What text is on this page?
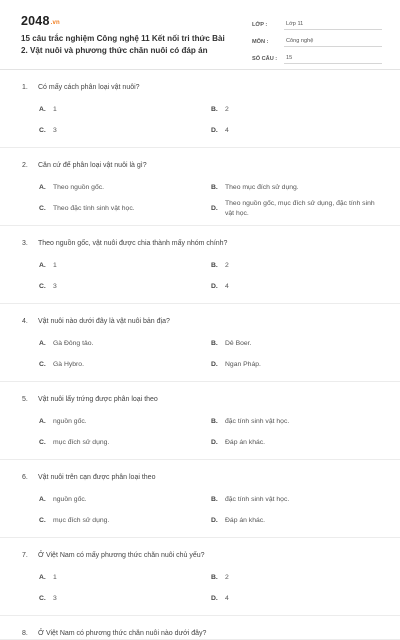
2048.vn
15 câu trắc nghiệm Công nghệ 11 Kết nối tri thức Bài 2. Vật nuôi và phương thức chăn nuôi có đáp án
LỚP :	Lớp 11
MÔN :	Công nghệ
SỐ CÂU :	15
1.	Có mấy cách phân loại vật nuôi?
A.	1	B.	2
C.	3	D.	4
2.	Căn cứ để phân loại vật nuôi là gì?
A.	Theo nguồn gốc.	B.	Theo mục đích sử dụng.
C.	Theo đặc tính sinh vật học.	D.
Theo nguồn gốc, mục đích sử dụng, đặc tính sinh vật học.
3.	Theo nguồn gốc, vật nuôi được chia thành mấy nhóm chính?
A.	1	B.	2
C.	3	D.	4
4.	Vật nuôi nào dưới đây là vật nuôi bản địa?
A.	Gà Đông tảo.	B.	Dê Boer.
C.	Gà Hybro.	D.	Ngan Pháp.
5.	Vật nuôi lấy trứng được phân loại theo
A.	nguồn gốc.	B.	đặc tính sinh vật học.
C.	mục đích sử dụng.	D.	Đáp án khác.
6.	Vật nuôi trên cạn được phân loại theo
A.	nguồn gốc.	B.	đặc tính sinh vật học.
C.	mục đích sử dụng.	D.	Đáp án khác.
7.	Ở Việt Nam có mấy phương thức chăn nuôi chủ yếu?
A.	1	B.	2
C.	3	D.	4
8.	Ở Việt Nam có phương thức chăn nuôi nào dưới đây?
